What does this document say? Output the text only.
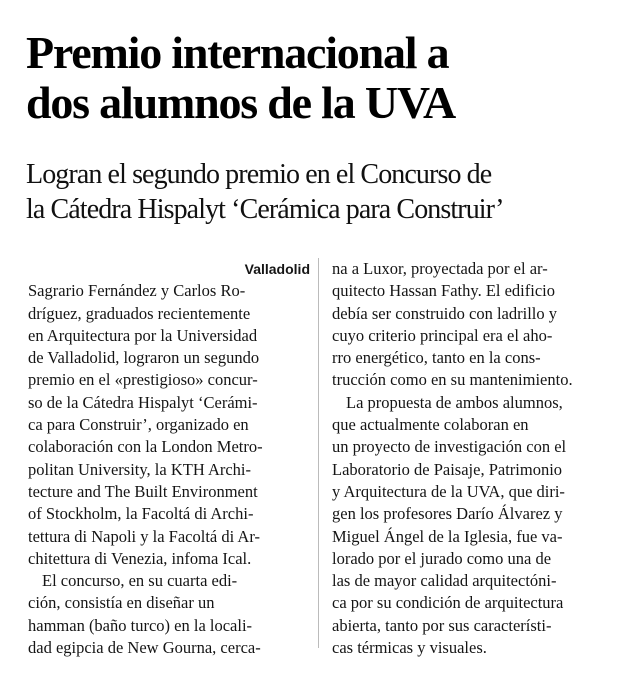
Premio internacional a
dos alumnos de la UVA
Logran el segundo premio en el Concurso de
la Cátedra Hispalyt ‘Cerámica para Construir’
Valladolid
Sagrario Fernández y Carlos Ro-
dríguez, graduados recientemente
en Arquitectura por la Universidad
de Valladolid, lograron un segundo
premio en el «prestigioso» concur-
so de la Cátedra Hispalyt ‘Cerámi-
ca para Construir’, organizado en
colaboración con la London Metro-
politan University, la KTH Archi-
tecture and The Built Environment
of Stockholm, la Facoltá di Archi-
tettura di Napoli y la Facoltá di Ar-
chitettura di Venezia, infoma Ical.
El concurso, en su cuarta edi-
ción, consistía en diseñar un
hamman (baño turco) en la locali-
dad egipcia de New Gourna, cerca-
na a Luxor, proyectada por el ar-
quitecto Hassan Fathy. El edificio
debía ser construido con ladrillo y
cuyo criterio principal era el aho-
rro energético, tanto en la cons-
trucción como en su mantenimiento.
La propuesta de ambos alumnos,
que actualmente colaboran en
un proyecto de investigación con el
Laboratorio de Paisaje, Patrimonio
y Arquitectura de la UVA, que diri-
gen los profesores Darío Álvarez y
Miguel Ángel de la Iglesia, fue va-
lorado por el jurado como una de
las de mayor calidad arquitectóni-
ca por su condición de arquitectura
abierta, tanto por sus característi-
cas térmicas y visuales.
